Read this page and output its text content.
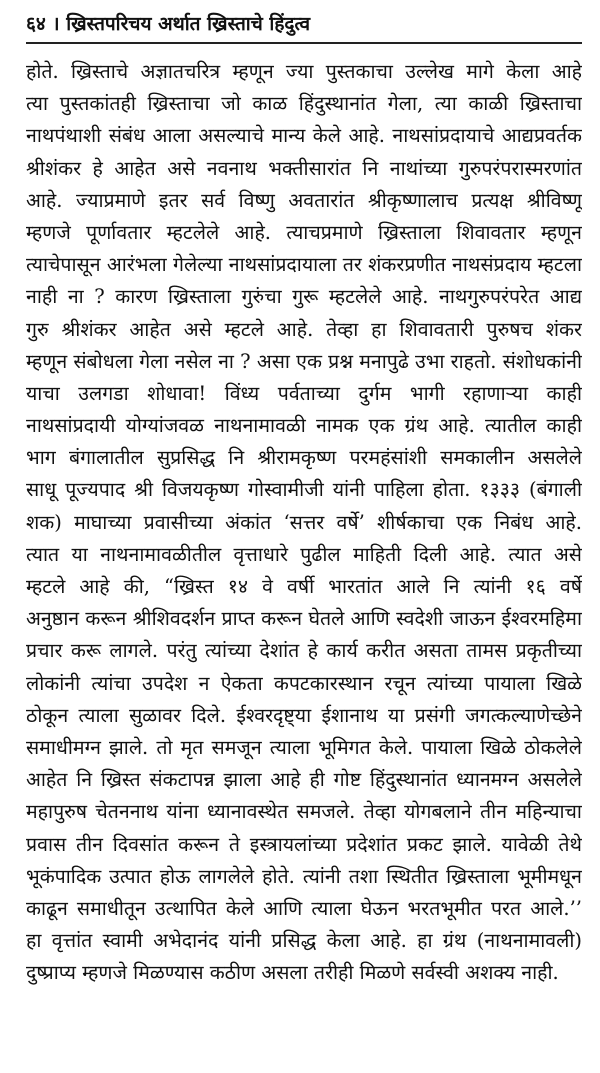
६४ । ख्रिस्तपरिचय अर्थात ख्रिस्ताचे हिंदुत्व
होते. ख्रिस्ताचे अज्ञातचरित्र म्हणून ज्या पुस्तकाचा उल्लेख मागे केला आहे
त्या पुस्तकांतही ख्रिस्ताचा जो काळ हिंदुस्थानांत गेला, त्या काळी ख्रिस्ताचा
नाथपंथाशी संबंध आला असल्याचे मान्य केले आहे. नाथसांप्रदायाचे आद्यप्रवर्तक
श्रीशंकर हे आहेत असे नवनाथ भक्तीसारांत नि नाथांच्या गुरुपरंपरास्मरणांत
आहे. ज्याप्रमाणे इतर सर्व विष्णु अवतारांत श्रीकृष्णालाच प्रत्यक्ष श्रीविष्णू
म्हणजे पूर्णावतार म्हटलेले आहे. त्याचप्रमाणे ख्रिस्ताला शिवावतार म्हणून
त्याचेपासून आरंभला गेलेल्या नाथसांप्रदायाला तर शंकरप्रणीत नाथसंप्रदाय म्हटला
नाही ना ? कारण ख्रिस्ताला गुरुंचा गुरू म्हटलेले आहे. नाथगुरुपरंपरेत आद्य
गुरु श्रीशंकर आहेत असे म्हटले आहे. तेव्हा हा शिवावतारी पुरुषच शंकर
म्हणून संबोधला गेला नसेल ना ? असा एक प्रश्न मनापुढे उभा राहतो. संशोधकांनी
याचा उलगडा शोधावा! विंध्य पर्वताच्या दुर्गम भागी रहाणाऱ्या काही
नाथसांप्रदायी योग्यांजवळ नाथनामावळी नामक एक ग्रंथ आहे. त्यातील काही
भाग बंगालातील सुप्रसिद्ध नि श्रीरामकृष्ण परमहंसांशी समकालीन असलेले
साधू पूज्यपाद श्री विजयकृष्ण गोस्वामीजी यांनी पाहिला होता. १३३३ (बंगाली
शक) माघाच्या प्रवासीच्या अंकांत ‘सत्तर वर्षे’ शीर्षकाचा एक निबंध आहे.
त्यात या नाथनामावळीतील वृत्ताधारे पुढील माहिती दिली आहे. त्यात असे
म्हटले आहे की, “ख्रिस्त १४ वे वर्षी भारतांत आले नि त्यांनी १६ वर्षे
अनुष्ठान करून श्रीशिवदर्शन प्राप्त करून घेतले आणि स्वदेशी जाऊन ईश्वरमहिमा
प्रचार करू लागले. परंतु त्यांच्या देशांत हे कार्य करीत असता तामस प्रकृतीच्या
लोकांनी त्यांचा उपदेश न ऐकता कपटकारस्थान रचून त्यांच्या पायाला खिळे
ठोकून त्याला सुळावर दिले. ईश्वरदृष्ट्या ईशानाथ या प्रसंगी जगत्कल्याणेच्छेने
समाधीमग्न झाले. तो मृत समजून त्याला भूमिगत केले. पायाला खिळे ठोकलेले
आहेत नि ख्रिस्त संकटापन्न झाला आहे ही गोष्ट हिंदुस्थानांत ध्यानमग्न असलेले
महापुरुष चेतननाथ यांना ध्यानावस्थेत समजले. तेव्हा योगबलाने तीन महिन्याचा
प्रवास तीन दिवसांत करून ते इस्त्रायलांच्या प्रदेशांत प्रकट झाले. यावेळी तेथे
भूकंपादिक उत्पात होऊ लागलेले होते. त्यांनी तशा स्थितीत ख्रिस्ताला भूमीमधून
काढून समाधीतून उत्थापित केले आणि त्याला घेऊन भरतभूमीत परत आले.’’
हा वृत्तांत स्वामी अभेदानंद यांनी प्रसिद्ध केला आहे. हा ग्रंथ (नाथनामावली)
दुष्प्राप्य म्हणजे मिळण्यास कठीण असला तरीही मिळणे सर्वस्वी अशक्य नाही.
